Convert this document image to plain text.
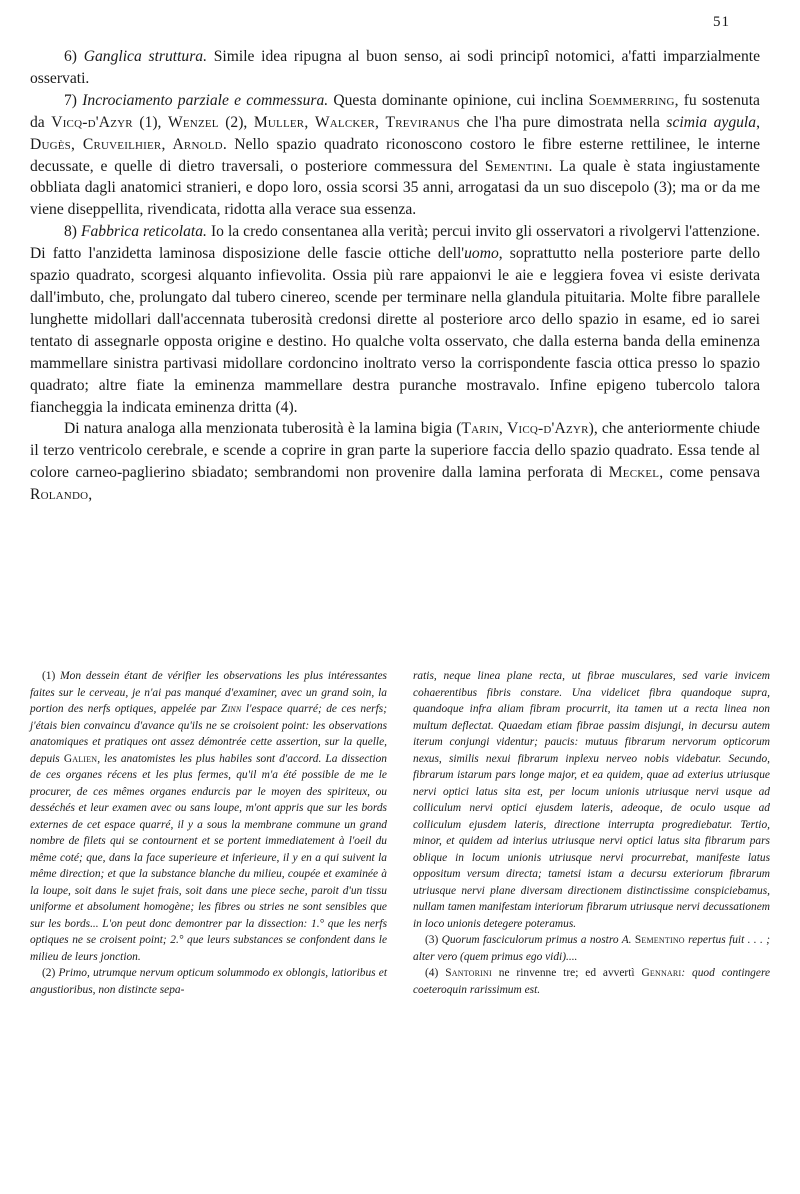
51

6) Ganglica struttura. Simile idea ripugna al buon senso, ai sodi principî notomici, a'fatti imparzialmente osservati.

7) Incrociamento parziale e commessura. Questa dominante opinione, cui inclina Soemmerring, fu sostenuta da Vicq-d'Azyr (1), Wenzel (2), Muller, Walcker, Treviranus che l'ha pure dimostrata nella scimia aygula, Dugès, Cruveilhier, Arnold. Nello spazio quadrato riconoscono costoro le fibre esterne rettilinee, le interne decussate, e quelle di dietro traversali, o posteriore commessura del Sementini. La quale è stata ingiustamente obbliata dagli anatomici stranieri, e dopo loro, ossia scorsi 35 anni, arrogatasi da un suo discepolo (3); ma or da me viene diseppellita, rivendicata, ridotta alla verace sua essenza.

8) Fabbrica reticolata. Io la credo consentanea alla verità; percui invito gli osservatori a rivolgervi l'attenzione. Di fatto l'anzidetta laminosa disposizione delle fascie ottiche dell'uomo, soprattutto nella posteriore parte dello spazio quadrato, scorgesi alquanto infievolita. Ossia più rare appaionvi le aie e leggiera fovea vi esiste derivata dall'imbuto, che, prolungato dal tubero cinereo, scende per terminare nella glandula pituitaria. Molte fibre parallele lunghette midollari dall'accennata tuberosità credonsi dirette al posteriore arco dello spazio in esame, ed io sarei tentato di assegnarle opposta origine e destino. Ho qualche volta osservato, che dalla esterna banda della eminenza mammellare sinistra partivasi midollare cordoncino inoltrato verso la corrispondente fascia ottica presso lo spazio quadrato; altre fiate la eminenza mammellare destra puranche mostravalo. Infine epigeno tubercolo talora fiancheggia la indicata eminenza dritta (4).

Di natura analoga alla menzionata tuberosità è la lamina bigia (Tarin, Vicq-d'Azyr), che anteriormente chiude il terzo ventricolo cerebrale, e scende a coprire in gran parte la superiore faccia dello spazio quadrato. Essa tende al colore carneo-paglierino sbiadato; sembrandomi non provenire dalla lamina perforata di Meckel, come pensava Rolando,

(1) Mon dessein étant de vérifier les observations les plus intéressantes faites sur le cerveau, je n'ai pas manqué d'examiner, avec un grand soin, la portion des nerfs optiques, appelée par Zinn l'espace quarré; de ces nerfs; j'étais bien convaincu d'avance qu'ils ne se croisoient point: les observations anatomiques et pratiques ont assez démontrée cette assertion, sur la quelle, depuis Galien, les anatomistes les plus habiles sont d'accord. La dissection de ces organes récens et les plus fermes, qu'il m'a été possible de me le procurer, de ces mêmes organes endurcis par le moyen des spiriteux, ou desséchés et leur examen avec ou sans loupe, m'ont appris que sur les bords externes de cet espace quarré, il y a sous la membrane commune un grand nombre de filets qui se contournent et se portent immediatement à l'oeil du même coté; que, dans la face superieure et inferieure, il y en a qui suivent la même direction; et que la substance blanche du milieu, coupée et examinée à la loupe, soit dans le sujet frais, soit dans une piece seche, paroit d'un tissu uniforme et absolument homogène; les fibres ou stries ne sont sensibles que sur les bords... L'on peut donc demontrer par la dissection: 1.° que les nerfs optiques ne se croisent point; 2.° que leurs substances se confondent dans le milieu de leurs jonction.

(2) Primo, utrumque nervum opticum solummodo ex oblongis, latioribus et angustioribus, non distincte sepa-

ratis, neque linea plane recta, ut fibrae musculares, sed varie invicem cohaerentibus fibris constare. Una videlicet fibra quandoque supra, quandoque infra aliam fibram procurrit, ita tamen ut a recta linea non multum deflectat. Quaedam etiam fibrae passim disjungi, in decursu autem iterum conjungi videntur; paucis: mutuus fibrarum nervorum opticorum nexus, similis nexui fibrarum inplexu nerveo nobis videbatur. Secundo, fibrarum istarum pars longe major, et ea quidem, quae ad exterius utriusque nervi optici latus sita est, per locum unionis utriusque nervi usque ad colliculum nervi optici ejusdem lateris, adeoque, de oculo usque ad colliculum ejusdem lateris, directione interrupta progrediebatur. Tertio, minor, et quidem ad interius utriusque nervi optici latus sita fibrarum pars oblique in locum unionis utriusque nervi procurrebat, manifeste latus oppositum versum directa; tametsi istam a decursu exteriorum fibrarum utriusque nervi plane diversam directionem distinctissime conspiciebamus, nullam tamen manifestam interiorum fibrarum utriusque nervi decussationem in loco unionis detegere poteramus.

(3) Quorum fasciculorum primus a nostro A. Sementino repertus fuit . . . ; alter vero (quem primus ego vidi)....

(4) Santorini ne rinvenne tre; ed avvertì Gennari: quod contingere coeteroquin rarissimum est.
